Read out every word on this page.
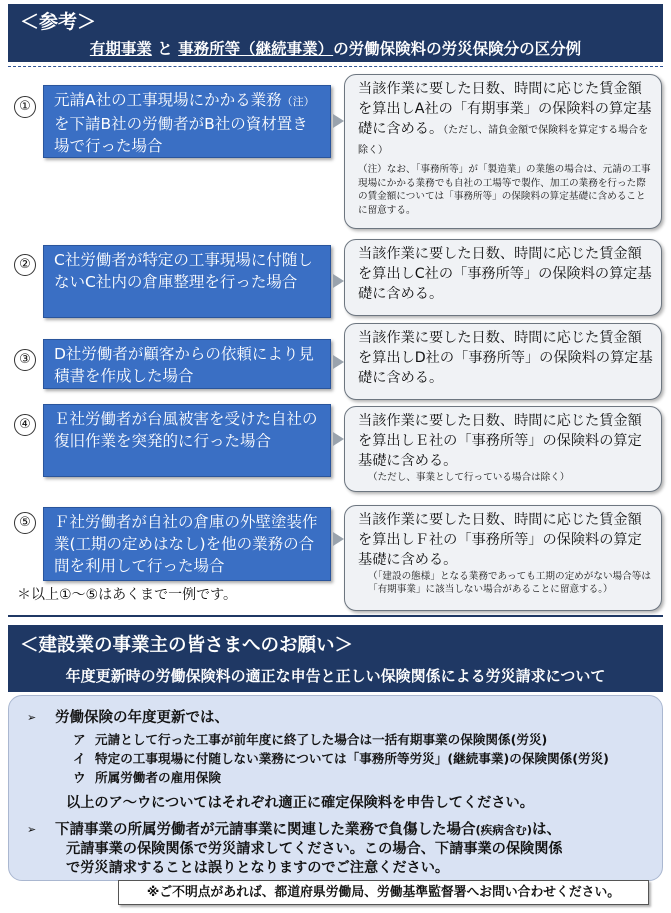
＜参考＞
有期事業 と 事務所等（継続事業）の労働保険料の労災保険分の区分例
①	元請A社の工事現場にかかる業務（注）を下請B社の労働者がB社の資材置き場で行った場合
当該作業に要した日数、時間に応じた賃金額を算出しA社の「有期事業」の保険料の算定基礎に含める。（ただし、請負金額で保険料を算定する場合を除く）
（注）なお、「事務所等」が「製造業」の業態の場合は、元請の工事現場にかかる業務でも自社の工場等で製作、加工の業務を行った際の賃金額については「事務所等」の保険料の算定基礎に含めることに留意する。
②	C社労働者が特定の工事現場に付随しないC社内の倉庫整理を行った場合
当該作業に要した日数、時間に応じた賃金額を算出しC社の「事務所等」の保険料の算定基礎に含める。
③	D社労働者が顧客からの依頼により見積書を作成した場合
当該作業に要した日数、時間に応じた賃金額を算出しD社の「事務所等」の保険料の算定基礎に含める。
④	Ｅ社労働者が台風被害を受けた自社の復旧作業を突発的に行った場合
当該作業に要した日数、時間に応じた賃金額を算出しＥ社の「事務所等」の保険料の算定基礎に含める。
（ただし、事業として行っている場合は除く）
⑤	Ｆ社労働者が自社の倉庫の外壁塗装作業(工期の定めはなし)を他の業務の合間を利用して行った場合
当該作業に要した日数、時間に応じた賃金額を算出しＦ社の「事務所等」の保険料の算定基礎に含める。
（「建設の態様」となる業務であっても工期の定めがない場合等は「有期事業」に該当しない場合があることに留意する。）
＊以上①～⑤はあくまで一例です。
＜建設業の事業主の皆さまへのお願い＞
年度更新時の労働保険料の適正な申告と正しい保険関係による労災請求について
➢ 労働保険の年度更新では、
ア 元請として行った工事が前年度に終了した場合は一括有期事業の保険関係(労災)
イ 特定の工事現場に付随しない業務については「事務所等労災」(継続事業)の保険関係(労災)
ウ 所属労働者の雇用保険
以上のア～ウについてはそれぞれ適正に確定保険料を申告してください。
➢ 下請事業の所属労働者が元請事業に関連した業務で負傷した場合(疾病含む)は、
元請事業の保険関係で労災請求してください。この場合、下請事業の保険関係
で労災請求することは誤りとなりますのでご注意ください。
※ご不明点があれば、都道府県労働局、労働基準監督署へお問い合わせください。
